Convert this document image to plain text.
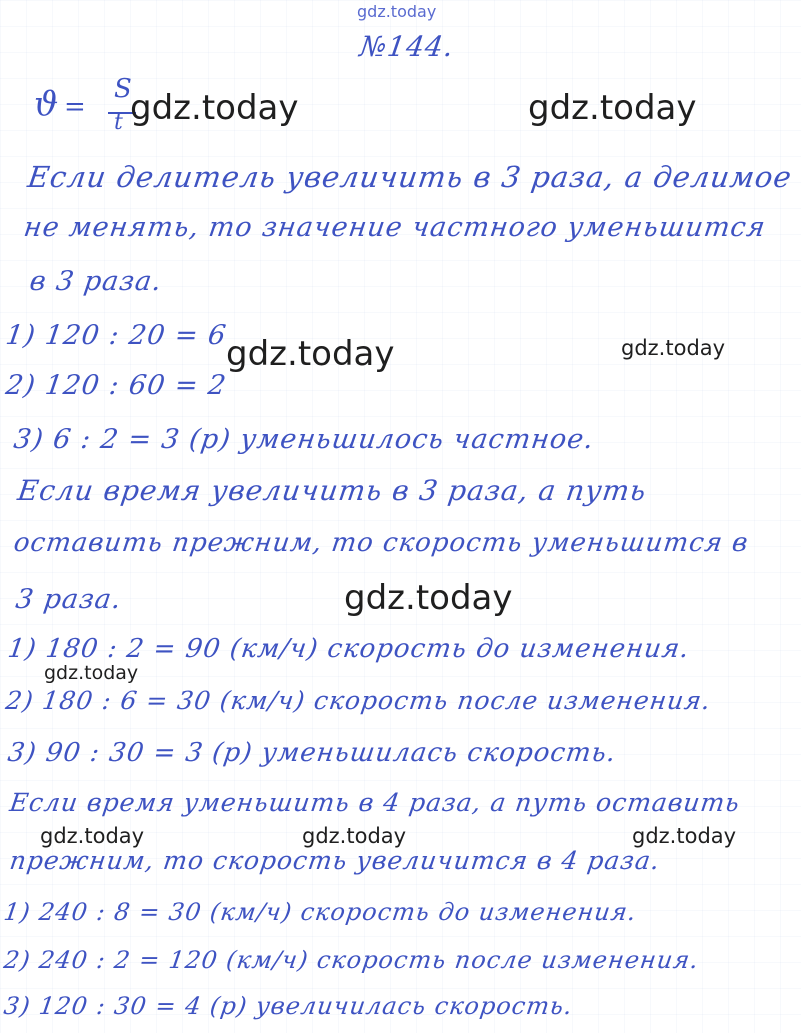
gdz.today
№144.
ϑ =
S
t gdz.today	gdz.today
Если делитель увеличить в 3 раза, а делимое
не менять, то значение частного уменьшится
в 3 раза.
1) 120 : 20 = 6
gdz.today	gdz.today
2) 120 : 60 = 2
3) 6 : 2 = 3 (р) уменьшилось частное.
Если время увеличить в 3 раза, а путь
оставить прежним, то скорость уменьшится в
3 раза.	gdz.today
1) 180 : 2 = 90 (км/ч) скорость до изменения.
gdz.today
2) 180 : 6 = 30 (км/ч) скорость после изменения.
3) 90 : 30 = 3 (р) уменьшилась скорость.
Если время уменьшить в 4 раза, а путь оставить
gdz.today	gdz.today	gdz.today
прежним, то скорость увеличится в 4 раза.
1) 240 : 8 = 30 (км/ч) скорость до изменения.
2) 240 : 2 = 120 (км/ч) скорость после изменения.
3) 120 : 30 = 4 (р) увеличилась скорость.
